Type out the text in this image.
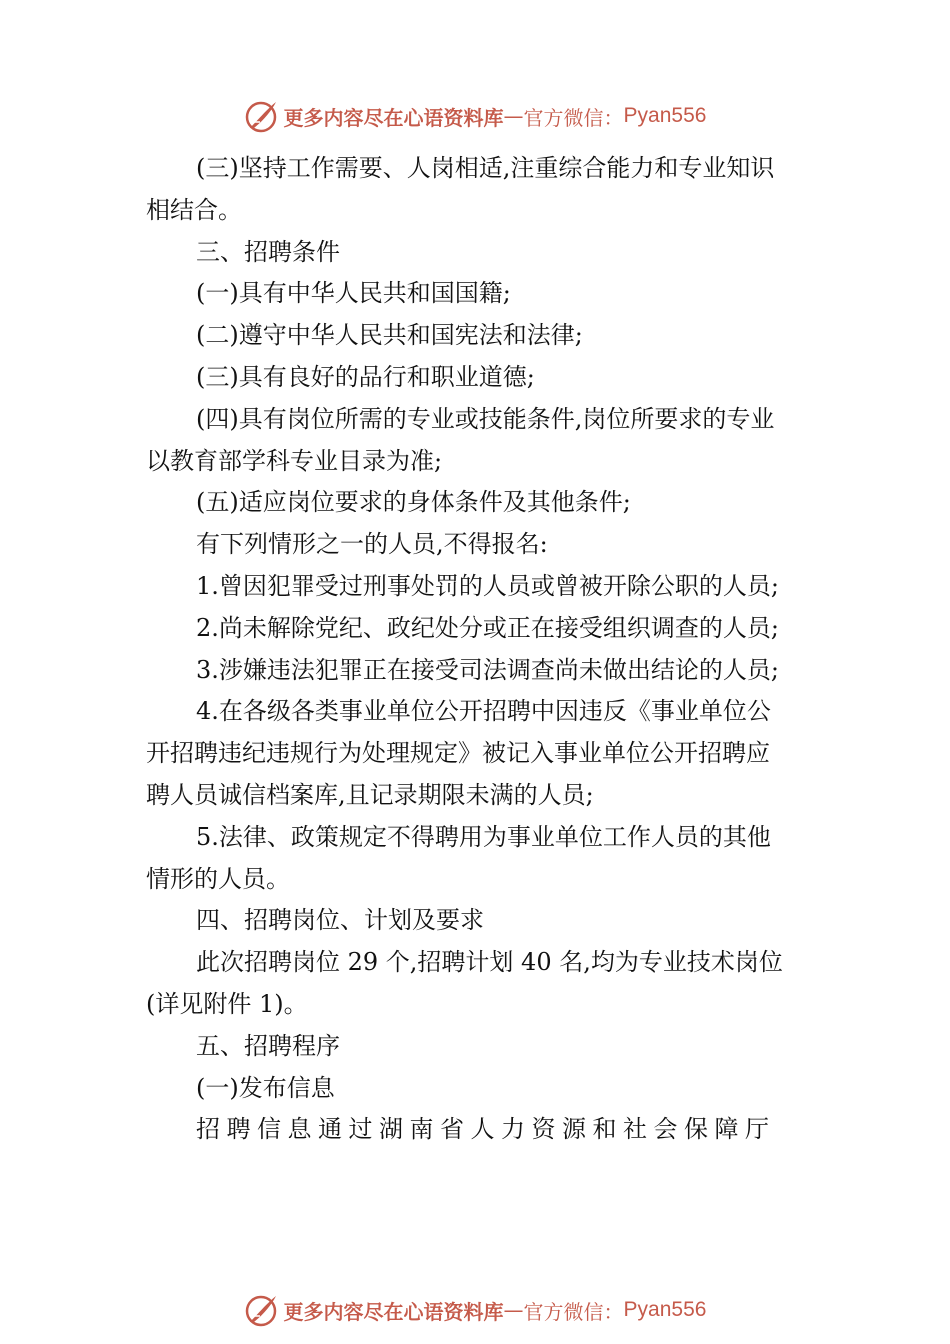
更多内容尽在心语资料库 — 官方微信： Pyan556
(三)坚持工作需要、人岗相适,注重综合能力和专业知识
相结合。
三、招聘条件
(一)具有中华人民共和国国籍;
(二)遵守中华人民共和国宪法和法律;
(三)具有良好的品行和职业道德;
(四)具有岗位所需的专业或技能条件,岗位所要求的专业
以教育部学科专业目录为准;
(五)适应岗位要求的身体条件及其他条件;
有下列情形之一的人员,不得报名:
1.曾因犯罪受过刑事处罚的人员或曾被开除公职的人员;
2.尚未解除党纪、政纪处分或正在接受组织调查的人员;
3.涉嫌违法犯罪正在接受司法调查尚未做出结论的人员;
4.在各级各类事业单位公开招聘中因违反《事业单位公
开招聘违纪违规行为处理规定》被记入事业单位公开招聘应
聘人员诚信档案库,且记录期限未满的人员;
5.法律、政策规定不得聘用为事业单位工作人员的其他
情形的人员。
四、招聘岗位、计划及要求
此次招聘岗位 29 个,招聘计划 40 名,均为专业技术岗位
(详见附件 1)。
五、招聘程序
(一)发布信息
招聘信息通过湖南省人力资源和社会保障厅
更多内容尽在心语资料库 — 官方微信： Pyan556
